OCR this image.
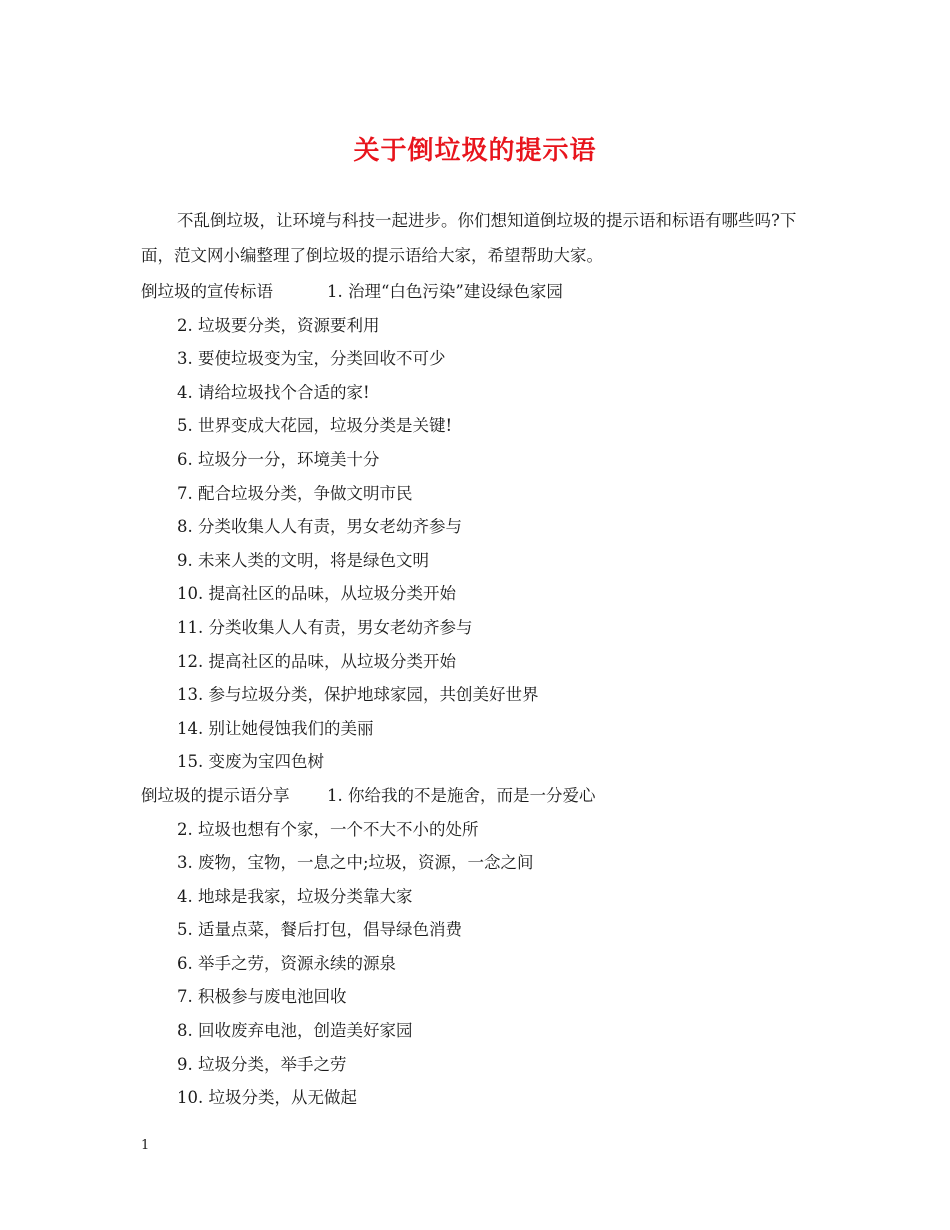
关于倒垃圾的提示语

不乱倒垃圾，让环境与科技一起进步。你们想知道倒垃圾的提示语和标语有哪些吗?下面，范文网小编整理了倒垃圾的提示语给大家，希望帮助大家。

倒垃圾的宣传标语	1. 治理“白色污染”建设绿色家园
2. 垃圾要分类，资源要利用
3. 要使垃圾变为宝，分类回收不可少
4. 请给垃圾找个合适的家!
5. 世界变成大花园，垃圾分类是关键!
6. 垃圾分一分，环境美十分
7. 配合垃圾分类，争做文明市民
8. 分类收集人人有责，男女老幼齐参与
9. 未来人类的文明，将是绿色文明
10. 提高社区的品味，从垃圾分类开始
11. 分类收集人人有责，男女老幼齐参与
12. 提高社区的品味，从垃圾分类开始
13. 参与垃圾分类，保护地球家园，共创美好世界
14. 别让她侵蚀我们的美丽
15. 变废为宝四色树
倒垃圾的提示语分享 1. 你给我的不是施舍，而是一分爱心
2. 垃圾也想有个家，一个不大不小的处所
3. 废物，宝物，一息之中;垃圾，资源，一念之间
4. 地球是我家，垃圾分类靠大家
5. 适量点菜，餐后打包，倡导绿色消费
6. 举手之劳，资源永续的源泉
7. 积极参与废电池回收
8. 回收废弃电池，创造美好家园
9. 垃圾分类，举手之劳
10. 垃圾分类，从无做起
1
